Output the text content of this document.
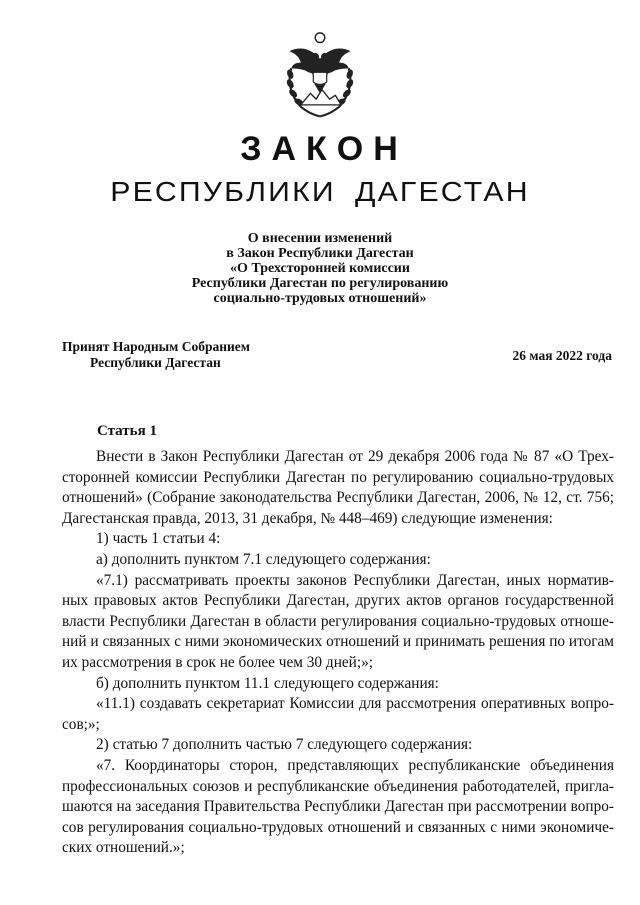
ЗАКОН
РЕСПУБЛИКИ ДАГЕСТАН
О внесении изменений
в Закон Республики Дагестан
«О Трехсторонней комиссии
Республики Дагестан по регулированию
социально-трудовых отношений»
Принят Народным Собранием
Республики Дагестан	26 мая 2022 года
Статья 1
Внести в Закон Республики Дагестан от 29 декабря 2006 года № 87 «О Трех-
сторонней комиссии Республики Дагестан по регулированию социально-трудовых
отношений» (Собрание законодательства Республики Дагестан, 2006, № 12, ст. 756;
Дагестанская правда, 2013, 31 декабря, № 448–469) следующие изменения:
1) часть 1 статьи 4:
а) дополнить пунктом 7.1 следующего содержания:
«7.1) рассматривать проекты законов Республики Дагестан, иных норматив-
ных правовых актов Республики Дагестан, других актов органов государственной
власти Республики Дагестан в области регулирования социально-трудовых отноше-
ний и связанных с ними экономических отношений и принимать решения по итогам
их рассмотрения в срок не более чем 30 дней;»;
б) дополнить пунктом 11.1 следующего содержания:
«11.1) создавать секретариат Комиссии для рассмотрения оперативных вопро-
сов;»;
2) статью 7 дополнить частью 7 следующего содержания:
«7. Координаторы сторон, представляющих республиканские объединения
профессиональных союзов и республиканские объединения работодателей, пригла-
шаются на заседания Правительства Республики Дагестан при рассмотрении вопро-
сов регулирования социально-трудовых отношений и связанных с ними экономиче-
ских отношений.»;
